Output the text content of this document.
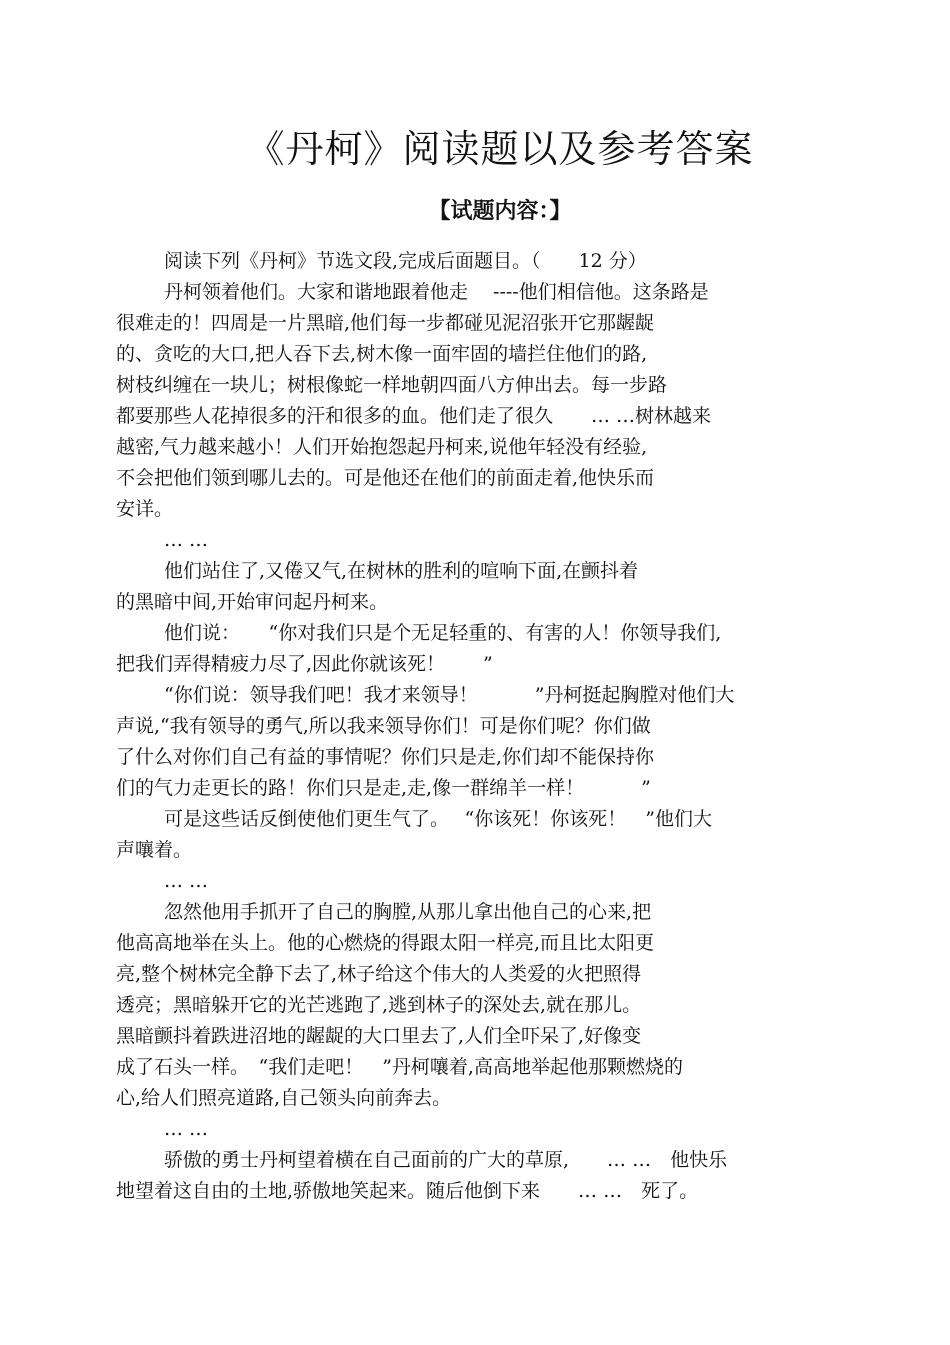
《丹柯》阅读题以及参考答案
【试题内容：】
阅读下列《丹柯》节选文段,完成后面题目。（　　12 分）
丹柯领着他们。大家和谐地跟着他走　 ----他们相信他。这条路是
很难走的！四周是一片黑暗,他们每一步都碰见泥沼张开它那龌龊
的、贪吃的大口,把人吞下去,树木像一面牢固的墙拦住他们的路,
树枝纠缠在一块儿；树根像蛇一样地朝四面八方伸出去。每一步路
都要那些人花掉很多的汗和很多的血。他们走了很久　　… …树林越来
越密,气力越来越小！人们开始抱怨起丹柯来,说他年轻没有经验,
不会把他们领到哪儿去的。可是他还在他们的前面走着,他快乐而
安详。
… …
他们站住了,又倦又气,在树林的胜利的喧响下面,在颤抖着
的黑暗中间,开始审问起丹柯来。
他们说：　　“你对我们只是个无足轻重的、有害的人！你领导我们,
把我们弄得精疲力尽了,因此你就该死！　　”
“你们说：领导我们吧！我才来领导！　　　”丹柯挺起胸膛对他们大
声说,“我有领导的勇气,所以我来领导你们！可是你们呢？你们做
了什么对你们自己有益的事情呢？你们只是走,你们却不能保持你
们的气力走更长的路！你们只是走,走,像一群绵羊一样！　　　”
可是这些话反倒使他们更生气了。　 “你该死！你该死！　”他们大
声嚷着。
… …
忽然他用手抓开了自己的胸膛,从那儿拿出他自己的心来,把
他高高地举在头上。他的心燃烧的得跟太阳一样亮,而且比太阳更
亮,整个树林完全静下去了,林子给这个伟大的人类爱的火把照得
透亮；黑暗躲开它的光芒逃跑了,逃到林子的深处去,就在那儿。
黑暗颤抖着跌进沼地的龌龊的大口里去了,人们全吓呆了,好像变
成了石头一样。　“我们走吧！　”丹柯嚷着,高高地举起他那颗燃烧的
心,给人们照亮道路,自己领头向前奔去。
… …
骄傲的勇士丹柯望着横在自己面前的广大的草原,　　… …　他快乐
地望着这自由的土地,骄傲地笑起来。随后他倒下来　　… …　死了。
